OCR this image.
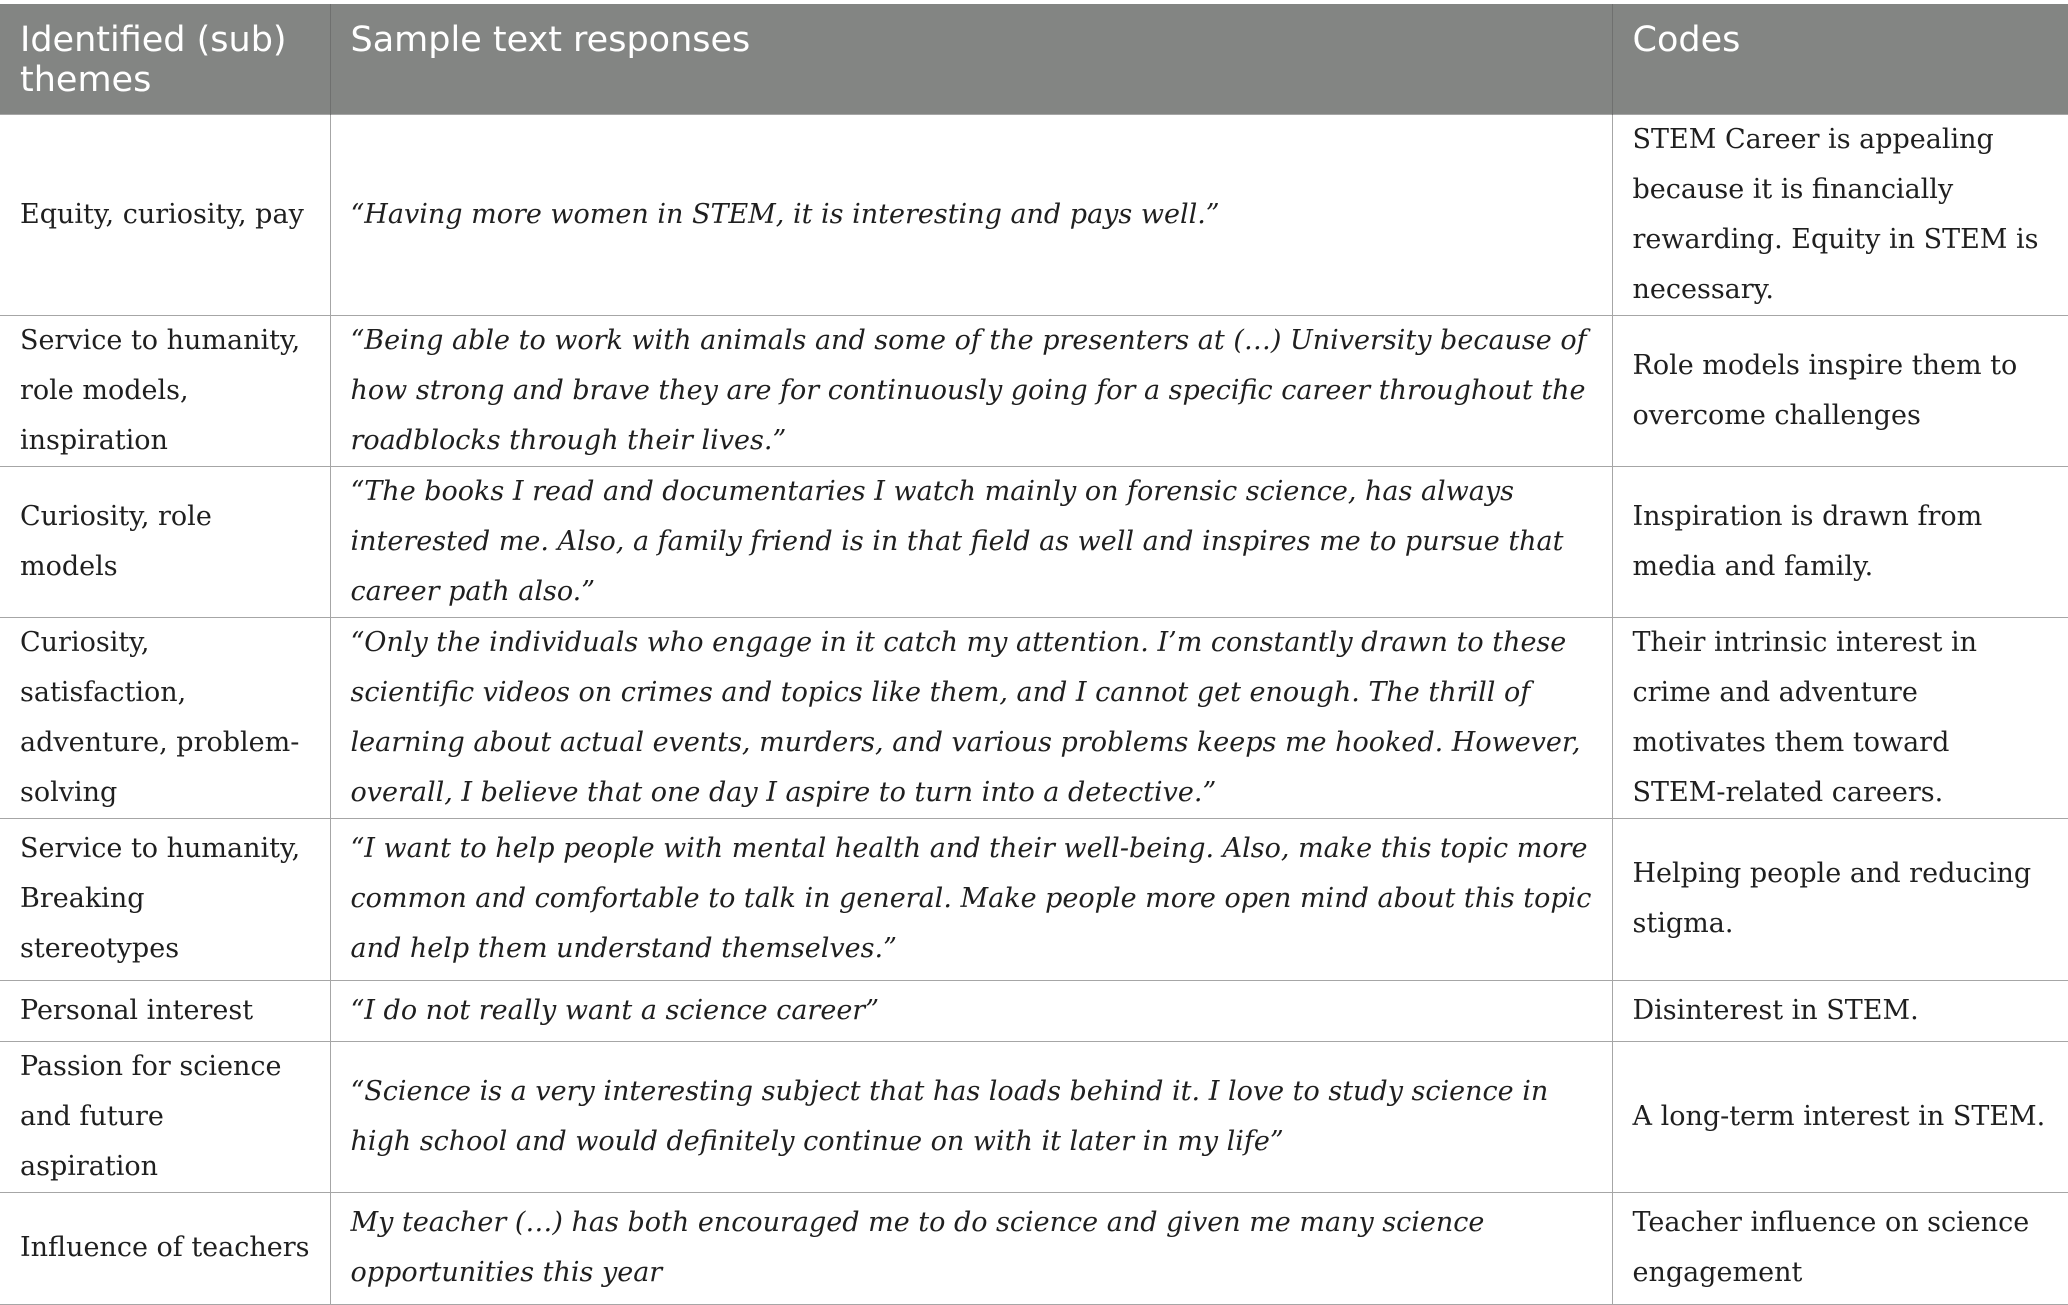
Identified (sub) themes	Sample text responses	Codes
Equity, curiosity, pay	“Having more women in STEM, it is interesting and pays well.”	STEM Career is appealing because it is financially rewarding. Equity in STEM is necessary.
Service to humanity, role models, inspiration	“Being able to work with animals and some of the presenters at (…) University because of how strong and brave they are for continuously going for a specific career throughout the roadblocks through their lives.”	Role models inspire them to overcome challenges
Curiosity, role models	“The books I read and documentaries I watch mainly on forensic science, has always interested me. Also, a family friend is in that field as well and inspires me to pursue that career path also.”	Inspiration is drawn from media and family.
Curiosity, satisfaction, adventure, problem-solving	“Only the individuals who engage in it catch my attention. I’m constantly drawn to these scientific videos on crimes and topics like them, and I cannot get enough. The thrill of learning about actual events, murders, and various problems keeps me hooked. However, overall, I believe that one day I aspire to turn into a detective.”	Their intrinsic interest in crime and adventure motivates them toward STEM-related careers.
Service to humanity, Breaking stereotypes	“I want to help people with mental health and their well-being. Also, make this topic more common and comfortable to talk in general. Make people more open mind about this topic and help them understand themselves.”	Helping people and reducing stigma.
Personal interest	“I do not really want a science career”	Disinterest in STEM.
Passion for science and future aspiration	“Science is a very interesting subject that has loads behind it. I love to study science in high school and would definitely continue on with it later in my life”	A long-term interest in STEM.
Influence of teachers	My teacher (…) has both encouraged me to do science and given me many science opportunities this year	Teacher influence on science engagement
